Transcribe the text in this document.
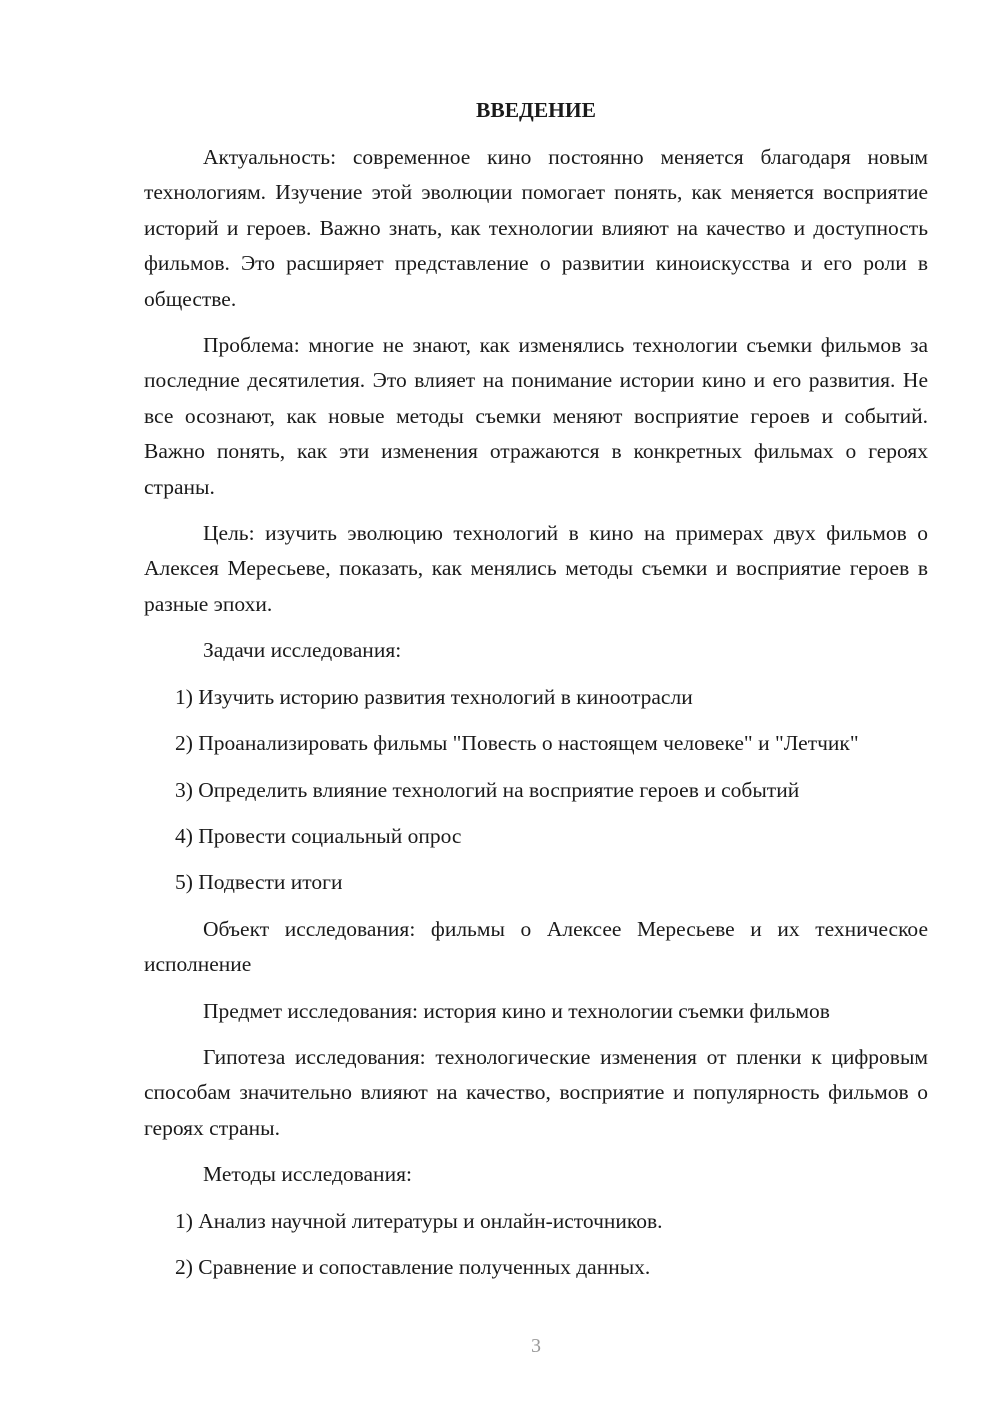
ВВЕДЕНИЕ

Актуальность: современное кино постоянно меняется благодаря новым технологиям. Изучение этой эволюции помогает понять, как меняется восприятие историй и героев. Важно знать, как технологии влияют на качество и доступность фильмов. Это расширяет представление о развитии киноискусства и его роли в обществе.

Проблема: многие не знают, как изменялись технологии съемки фильмов за последние десятилетия. Это влияет на понимание истории кино и его развития. Не все осознают, как новые методы съемки меняют восприятие героев и событий. Важно понять, как эти изменения отражаются в конкретных фильмах о героях страны.

Цель: изучить эволюцию технологий в кино на примерах двух фильмов о Алексея Мересьеве, показать, как менялись методы съемки и восприятие героев в разные эпохи.

Задачи исследования:

1) Изучить историю развития технологий в киноотрасли

2) Проанализировать фильмы "Повесть о настоящем человеке" и "Летчик"

3) Определить влияние технологий на восприятие героев и событий

4) Провести социальный опрос

5) Подвести итоги

Объект исследования: фильмы о Алексее Мересьеве и их техническое исполнение

Предмет исследования: история кино и технологии съемки фильмов

Гипотеза исследования: технологические изменения от пленки к цифровым способам значительно влияют на качество, восприятие и популярность фильмов о героях страны.

Методы исследования:

1) Анализ научной литературы и онлайн-источников.

2) Сравнение и сопоставление полученных данных.

3
